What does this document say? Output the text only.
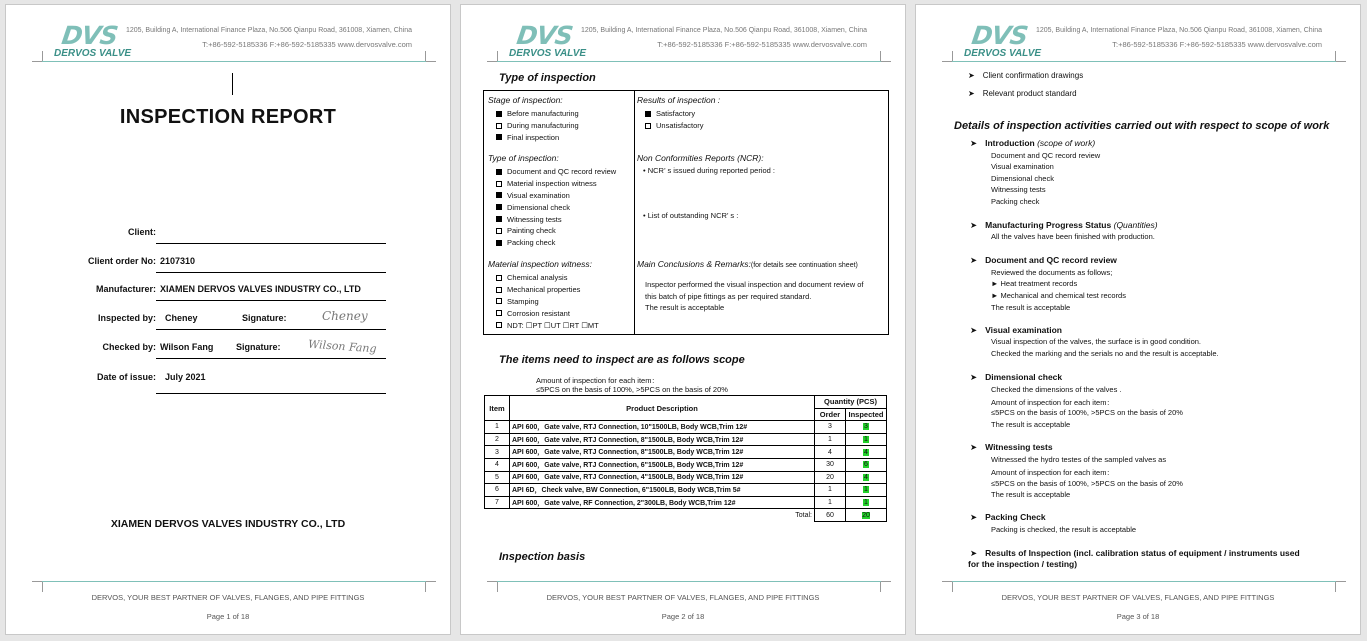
DVS
DERVOS VALVE
1205, Building A, International Finance Plaza, No.506 Qianpu Road, 361008, Xiamen, China
T:+86-592-5185336 F:+86-592-5185335 www.dervosvalve.com
INSPECTION REPORT
Client:
Client order No: 2107310
Manufacturer: XIAMEN DERVOS VALVES INDUSTRY CO., LTD
Inspected by: Cheney	Signature:	Cheney
Checked by: Wilson Fang	Signature: Wilson Fang
Date of issue: July 2021
XIAMEN DERVOS VALVES INDUSTRY CO., LTD
DERVOS, YOUR BEST PARTNER OF VALVES, FLANGES, AND PIPE FITTINGS
Page 1 of 18
DVS
DERVOS VALVE
1205, Building A, International Finance Plaza, No.506 Qianpu Road, 361008, Xiamen, China
T:+86-592-5185336 F:+86-592-5185335 www.dervosvalve.com
Type of inspection
Stage of inspection:
Before manufacturing
During manufacturing
Final inspection
Type of inspection:
Document and QC record review
Material inspection witness
Visual examination
Dimensional check
Witnessing tests
Painting check
Packing check
Material inspection witness:
Chemical analysis
Mechanical properties
Stamping
Corrosion resistant
NDT: ☐PT ☐UT ☐RT ☐MT
Results of inspection :
Satisfactory
Unsatisfactory
Non Conformities Reports (NCR):
• NCR’ s issued during reported period :
• List of outstanding NCR’ s :
Main Conclusions & Remarks:(for details see continuation sheet)
Inspector performed the visual inspection and document review of
this batch of pipe fittings as per required standard.
The result is acceptable
The items need to inspect are as follows scope
Amount of inspection for each item：
≤5PCS on the basis of 100%, >5PCS on the basis of 20%
Item	Product Description	Quantity (PCS)	
		Order	Inspected
1	API 600，Gate valve, RTJ Connection, 10"1500LB, Body WCB,Trim 12#	3	3
2	API 600，Gate valve, RTJ Connection, 8"1500LB, Body WCB,Trim 12#	1	1
3	API 600，Gate valve, RTJ Connection, 8"1500LB, Body WCB,Trim 12#	4	4
4	API 600，Gate valve, RTJ Connection, 6"1500LB, Body WCB,Trim 12#	30	6
5	API 600，Gate valve, RTJ Connection, 4"1500LB, Body WCB,Trim 12#	20	4
6	API 6D，Check valve, BW Connection, 6"1500LB, Body WCB,Trim 5#	1	1
7	API 600，Gate valve, RF Connection, 2"300LB, Body WCB,Trim 12#	1	1
Total:		60	20
Inspection basis
DERVOS, YOUR BEST PARTNER OF VALVES, FLANGES, AND PIPE FITTINGS
Page 2 of 18
DVS
DERVOS VALVE
1205, Building A, International Finance Plaza, No.506 Qianpu Road, 361008, Xiamen, China
T:+86-592-5185336 F:+86-592-5185335 www.dervosvalve.com
➤ Client confirmation drawings
➤ Relevant product standard
Details of inspection activities carried out with respect to scope of work
➤ Introduction (scope of work)
Document and QC record review
Visual examination
Dimensional check
Witnessing tests
Packing check
➤ Manufacturing Progress Status (Quantities)
All the valves have been finished with production.
➤ Document and QC record review
Reviewed the documents as follows;
► Heat treatment records
► Mechanical and chemical test records
The result is acceptable
➤ Visual examination
Visual inspection of the valves, the surface is in good condition.
Checked the marking and the serials no and the result is acceptable.
➤ Dimensional check
Checked the dimensions of the valves .
Amount of inspection for each item：
≤5PCS on the basis of 100%, >5PCS on the basis of 20%
The result is acceptable
➤ Witnessing tests
Witnessed the hydro testes of the sampled valves as
Amount of inspection for each item：
≤5PCS on the basis of 100%, >5PCS on the basis of 20%
The result is acceptable
➤ Packing Check
Packing is checked, the result is acceptable
➤ Results of Inspection (incl. calibration status of equipment / instruments used
for the inspection / testing)
DERVOS, YOUR BEST PARTNER OF VALVES, FLANGES, AND PIPE FITTINGS
Page 3 of 18
